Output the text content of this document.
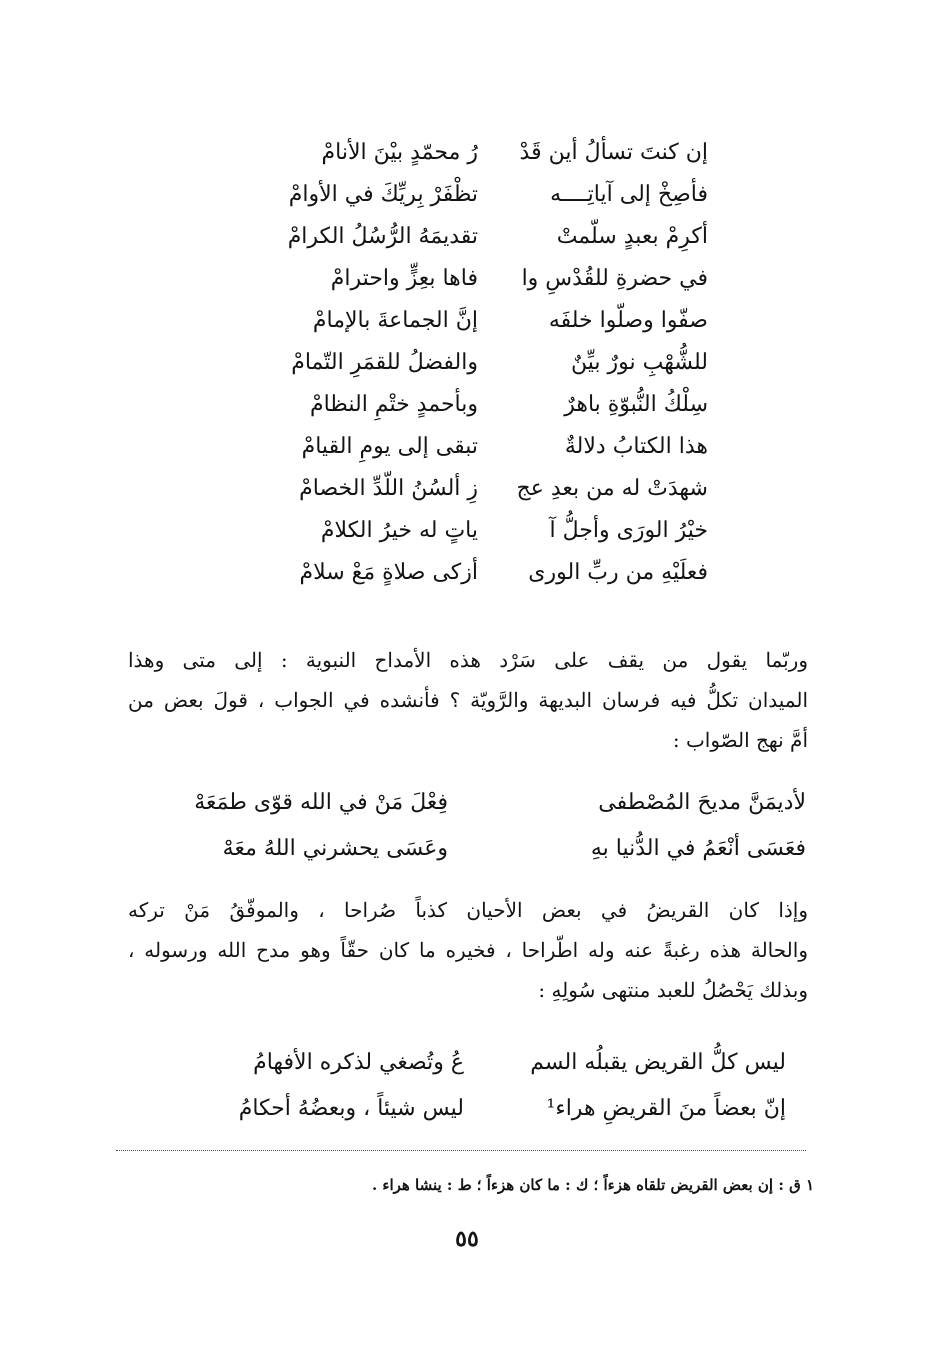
إن كنتَ تسألُ أين قَدْ
رُ محمّدٍ بيْنَ الأنامْ
فأصِخْ إلى آياتِــــه
تظْفَرْ بِريِّكَ في الأوامْ
أكرِمْ بعبدٍ سلّمتْ
تقديمَهُ الرُّسُلُ الكرامْ
في حضرةِ للقُدْسِ وا
فاها بعِزٍّ واحترامْ
صفّوا وصلّوا خلفَه
إنَّ الجماعةَ بالإمامْ
للشُّهْبِ نورٌ بيِّنٌ
والفضلُ للقمَرِ التّمامْ
سِلْكُ النُّبوّةِ باهرٌ
وبأحمدٍ ختْمِ النظامْ
هذا الكتابُ دلالةٌ
تبقى إلى يومِ القيامْ
شهدَتْ له من بعدِ عج
زِ ألسُنُ اللّدِّ الخصامْ
خيْرُ الورَى وأجلُّ آ
ياتٍ له خيرُ الكلامْ
فعلَيْهِ من ربِّ الورى
أزكى صلاةٍ مَعْ سلامْ
وربّما يقول من يقف على سَرْد هذه الأمداح النبوية : إلى متى وهذا
الميدان تكلُّ فيه فرسان البديهة والرَّويّة ؟ فأنشده في الجواب ، قولَ بعض من
أمَّ نهج الصّواب :
لأديمَنَّ مديحَ المُصْطفى
فِعْلَ مَنْ في الله قوّى طمَعَهْ
فعَسَى أنْعَمُ في الدُّنيا بهِ
وعَسَى يحشرني اللهُ معَهْ
وإذا كان القريضُ في بعض الأحيان كذباً صُراحا ، والموفّقُ مَنْ تركه
والحالة هذه رغبةً عنه وله اطّراحا ، فخيره ما كان حقّاً وهو مدح الله ورسوله ،
وبذلك يَحْصُلُ للعبد منتهى سُولِهِ :
ليس كلُّ القريض يقبلُه السم
عُ وتُصغي لذكره الأفهامُ
إنّ بعضاً منَ القريضِ هراء¹
ليس شيئاً ، وبعضُهُ أحكامُ
١ ق : إن بعض القريض تلقاه هزءاً ؛ ك : ما كان هزءاً ؛ ط : ينشا هراء .
٥٥
